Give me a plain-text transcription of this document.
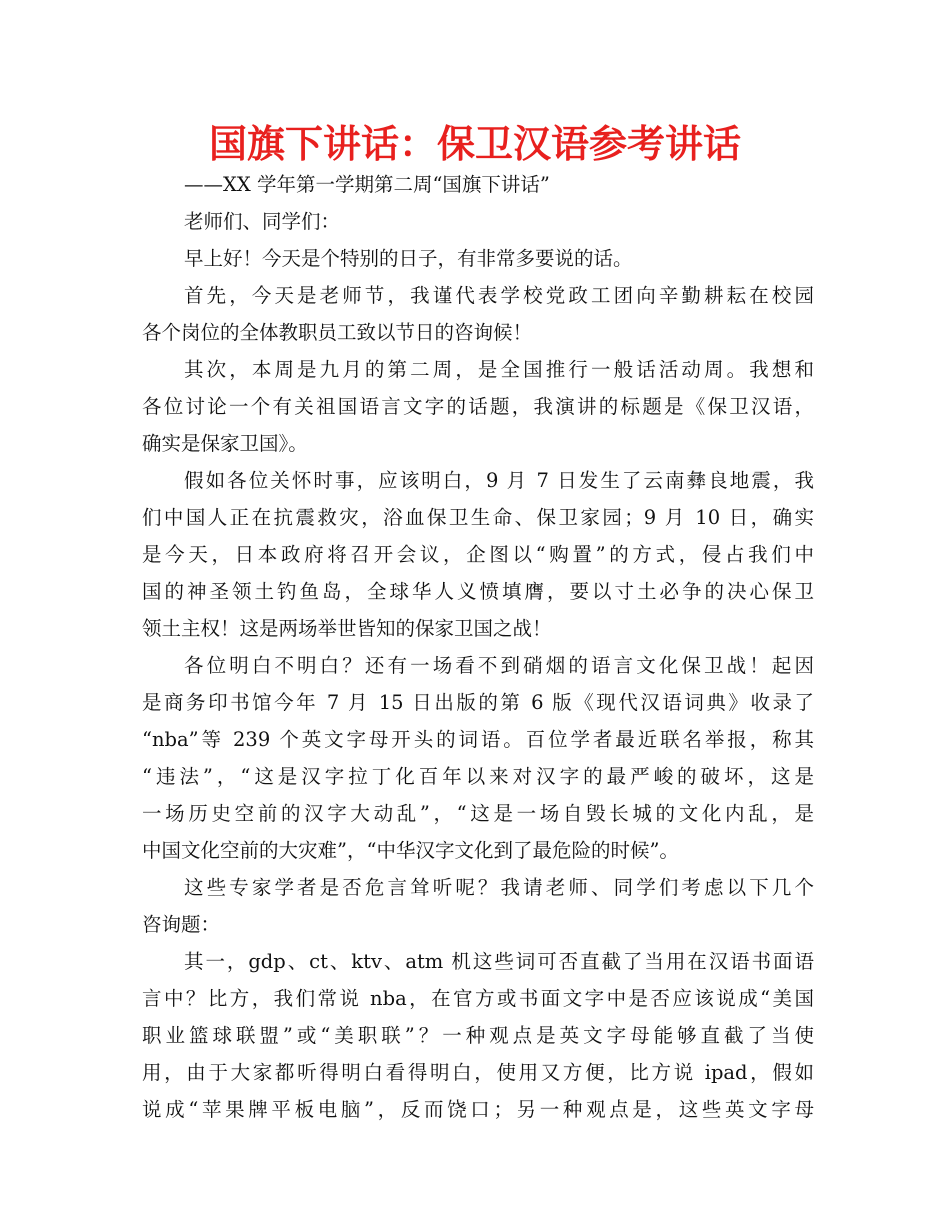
国旗下讲话：保卫汉语参考讲话
——XX 学年第一学期第二周“国旗下讲话”
老师们、同学们：
早上好！今天是个特别的日子，有非常多要说的话。
首先，今天是老师节，我谨代表学校党政工团向辛勤耕耘在校园
各个岗位的全体教职员工致以节日的咨询候！
其次，本周是九月的第二周，是全国推行一般话活动周。我想和
各位讨论一个有关祖国语言文字的话题，我演讲的标题是《保卫汉语，
确实是保家卫国》。
假如各位关怀时事，应该明白，9 月 7 日发生了云南彝良地震，我
们中国人正在抗震救灾，浴血保卫生命、保卫家园；9 月 10 日，确实
是今天，日本政府将召开会议，企图以“购置”的方式，侵占我们中
国的神圣领土钓鱼岛，全球华人义愤填膺，要以寸土必争的决心保卫
领土主权！这是两场举世皆知的保家卫国之战！
各位明白不明白？还有一场看不到硝烟的语言文化保卫战！起因
是商务印书馆今年 7 月 15 日出版的第 6 版《现代汉语词典》收录了
“nba”等 239 个英文字母开头的词语。百位学者最近联名举报，称其
“违法”，“这是汉字拉丁化百年以来对汉字的最严峻的破坏，这是
一场历史空前的汉字大动乱”，“这是一场自毁长城的文化内乱，是
中国文化空前的大灾难”，“中华汉字文化到了最危险的时候”。
这些专家学者是否危言耸听呢？我请老师、同学们考虑以下几个
咨询题：
其一，gdp、ct、ktv、atm 机这些词可否直截了当用在汉语书面语
言中？比方，我们常说 nba，在官方或书面文字中是否应该说成“美国
职业篮球联盟”或“美职联”？一种观点是英文字母能够直截了当使
用，由于大家都听得明白看得明白，使用又方便，比方说 ipad，假如
说成“苹果牌平板电脑”，反而饶口；另一种观点是，这些英文字母
